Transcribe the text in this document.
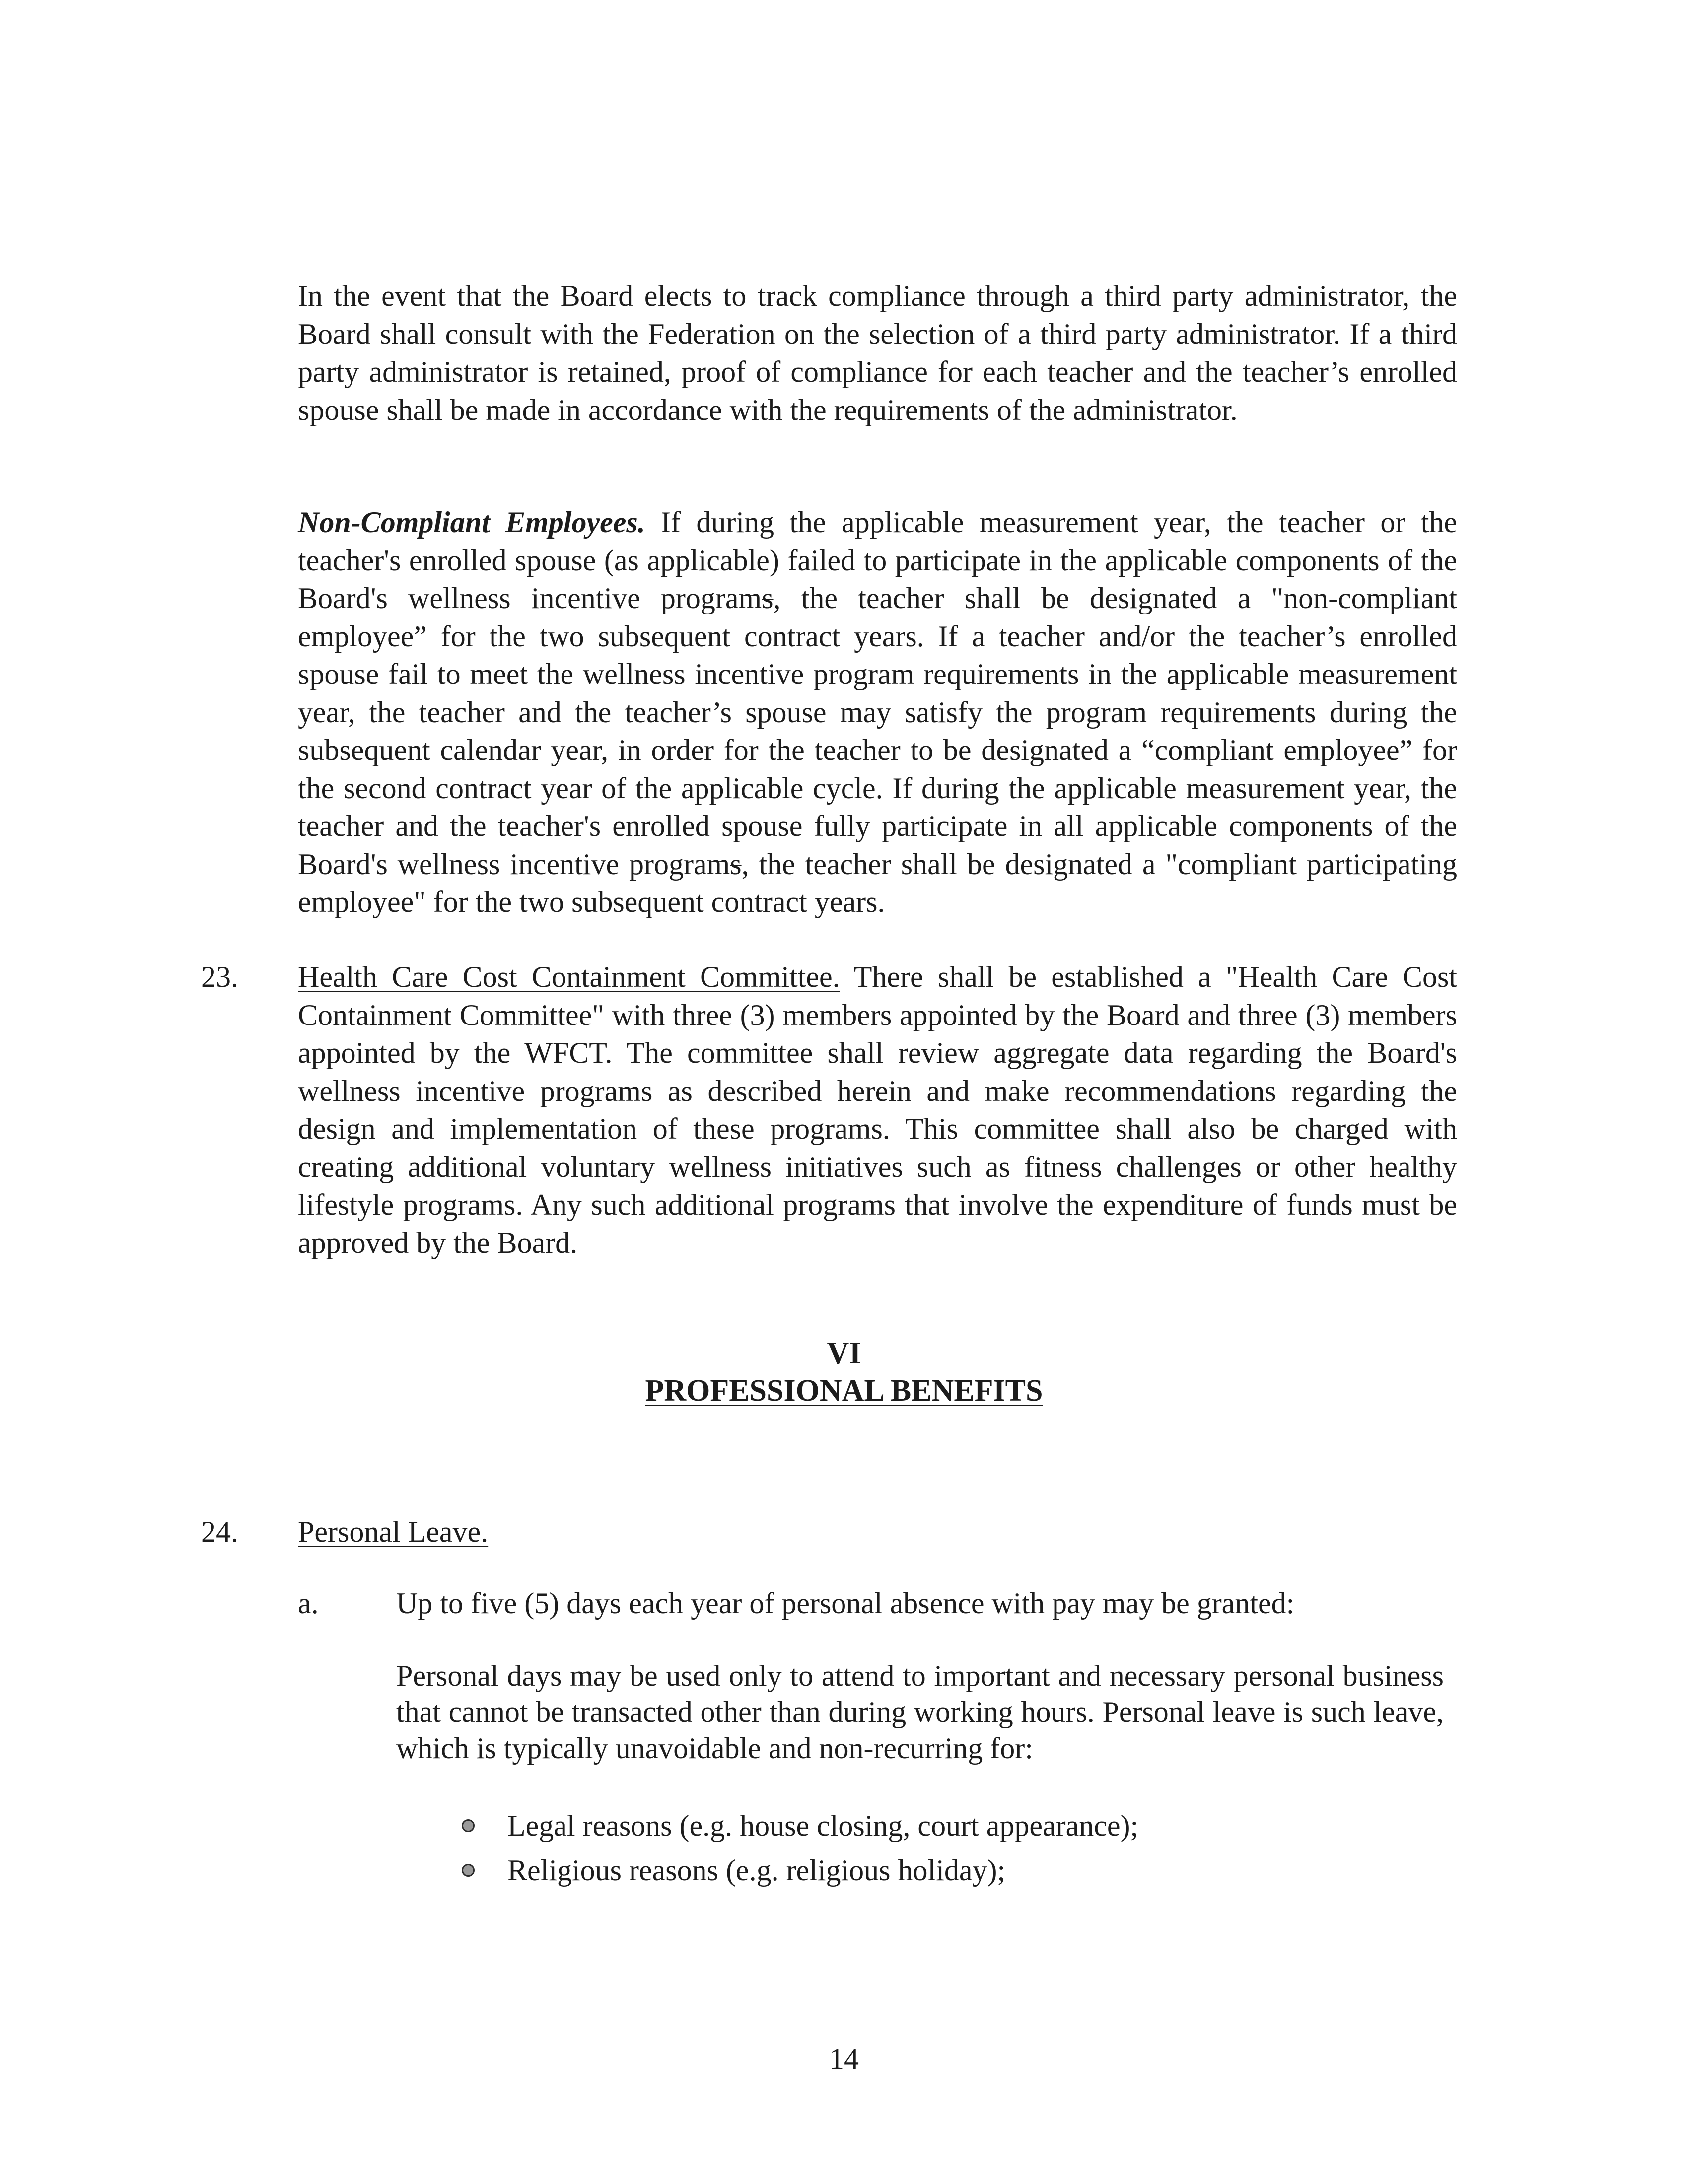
In the event that the Board elects to track compliance through a third party administrator, the Board shall consult with the Federation on the selection of a third party administrator. If a third party administrator is retained, proof of compliance for each teacher and the teacher’s enrolled spouse shall be made in accordance with the requirements of the administrator.

Non-Compliant Employees. If during the applicable measurement year, the teacher or the teacher's enrolled spouse (as applicable) failed to participate in the applicable components of the Board's wellness incentive programs, the teacher shall be designated a "non-compliant employee” for the two subsequent contract years. If a teacher and/or the teacher’s enrolled spouse fail to meet the wellness incentive program requirements in the applicable measurement year, the teacher and the teacher’s spouse may satisfy the program requirements during the subsequent calendar year, in order for the teacher to be designated a “compliant employee” for the second contract year of the applicable cycle. If during the applicable measurement year, the teacher and the teacher's enrolled spouse fully participate in all applicable components of the Board's wellness incentive programs, the teacher shall be designated a "compliant participating employee" for the two subsequent contract years.

23. Health Care Cost Containment Committee. There shall be established a "Health Care Cost Containment Committee" with three (3) members appointed by the Board and three (3) members appointed by the WFCT. The committee shall review aggregate data regarding the Board's wellness incentive programs as described herein and make recommendations regarding the design and implementation of these programs. This committee shall also be charged with creating additional voluntary wellness initiatives such as fitness challenges or other healthy lifestyle programs. Any such additional programs that involve the expenditure of funds must be approved by the Board.

VI
PROFESSIONAL BENEFITS
24. Personal Leave.
a.	Up to five (5) days each year of personal absence with pay may be granted:

Personal days may be used only to attend to important and necessary personal business that cannot be transacted other than during working hours. Personal leave is such leave, which is typically unavoidable and non-recurring for:

Legal reasons (e.g. house closing, court appearance);
Religious reasons (e.g. religious holiday);
14
